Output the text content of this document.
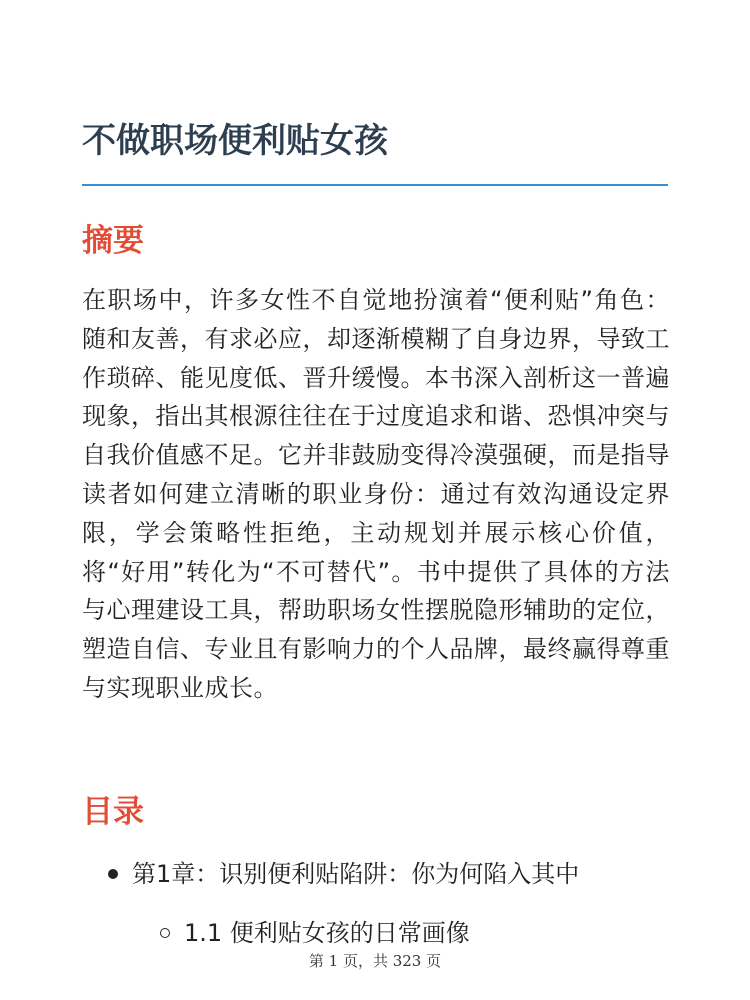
不做职场便利贴女孩
摘要
在职场中，许多女性不自觉地扮演着“便利贴”角色：随和友善，有求必应，却逐渐模糊了自身边界，导致工作琐碎、能见度低、晋升缓慢。本书深入剖析这一普遍现象，指出其根源往往在于过度追求和谐、恐惧冲突与自我价值感不足。它并非鼓励变得冷漠强硬，而是指导读者如何建立清晰的职业身份：通过有效沟通设定界限，学会策略性拒绝，主动规划并展示核心价值，将“好用”转化为“不可替代”。书中提供了具体的方法与心理建设工具，帮助职场女性摆脱隐形辅助的定位，塑造自信、专业且有影响力的个人品牌，最终赢得尊重与实现职业成长。
目录
第1章：识别便利贴陷阱：你为何陷入其中
1.1 便利贴女孩的日常画像
第 1 页，共 323 页
